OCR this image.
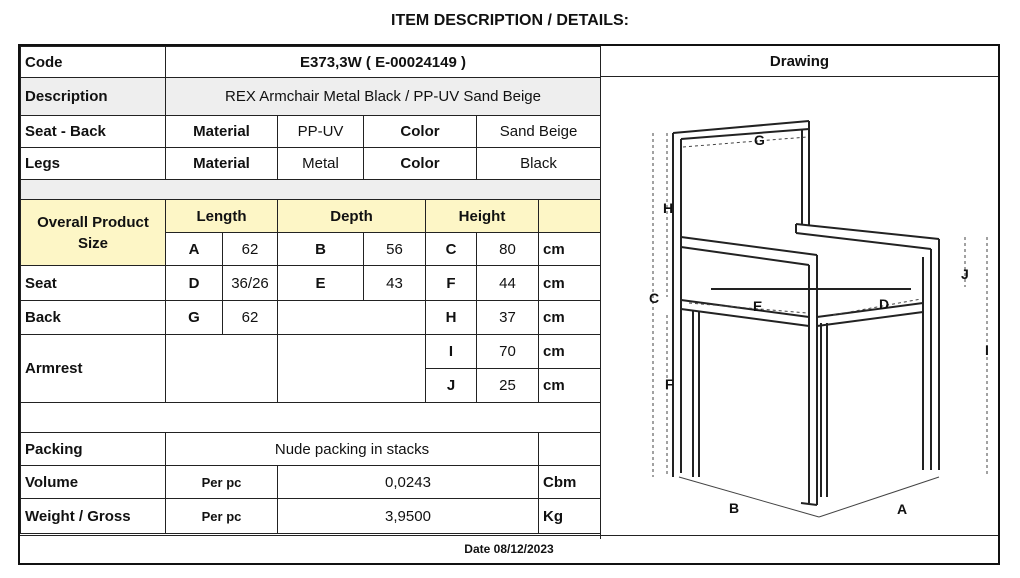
ITEM DESCRIPTION / DETAILS:
Code	E373,3W ( E-00024149 )						
Description	REX Armchair Metal Black / PP-UV Sand Beige						
Seat - Back	Material		PP-UV	Color		Sand Beige	
Legs	Material		Metal	Color		Black	

Overall Product Size	Length		Depth		Height		
	A	62	B	56	C	80	cm
Seat	D	36/26	E	43	F	44	cm
Back	G	62			H	37	cm
Armrest					I	70	cm
					J	25	cm

Packing	Nude packing in stacks						
Volume	Per pc		0,0243				Cbm
Weight / Gross	Per pc		3,9500				Kg
Drawing
G
H
C	E	D
J
I
F
B	A
Date 08/12/2023
